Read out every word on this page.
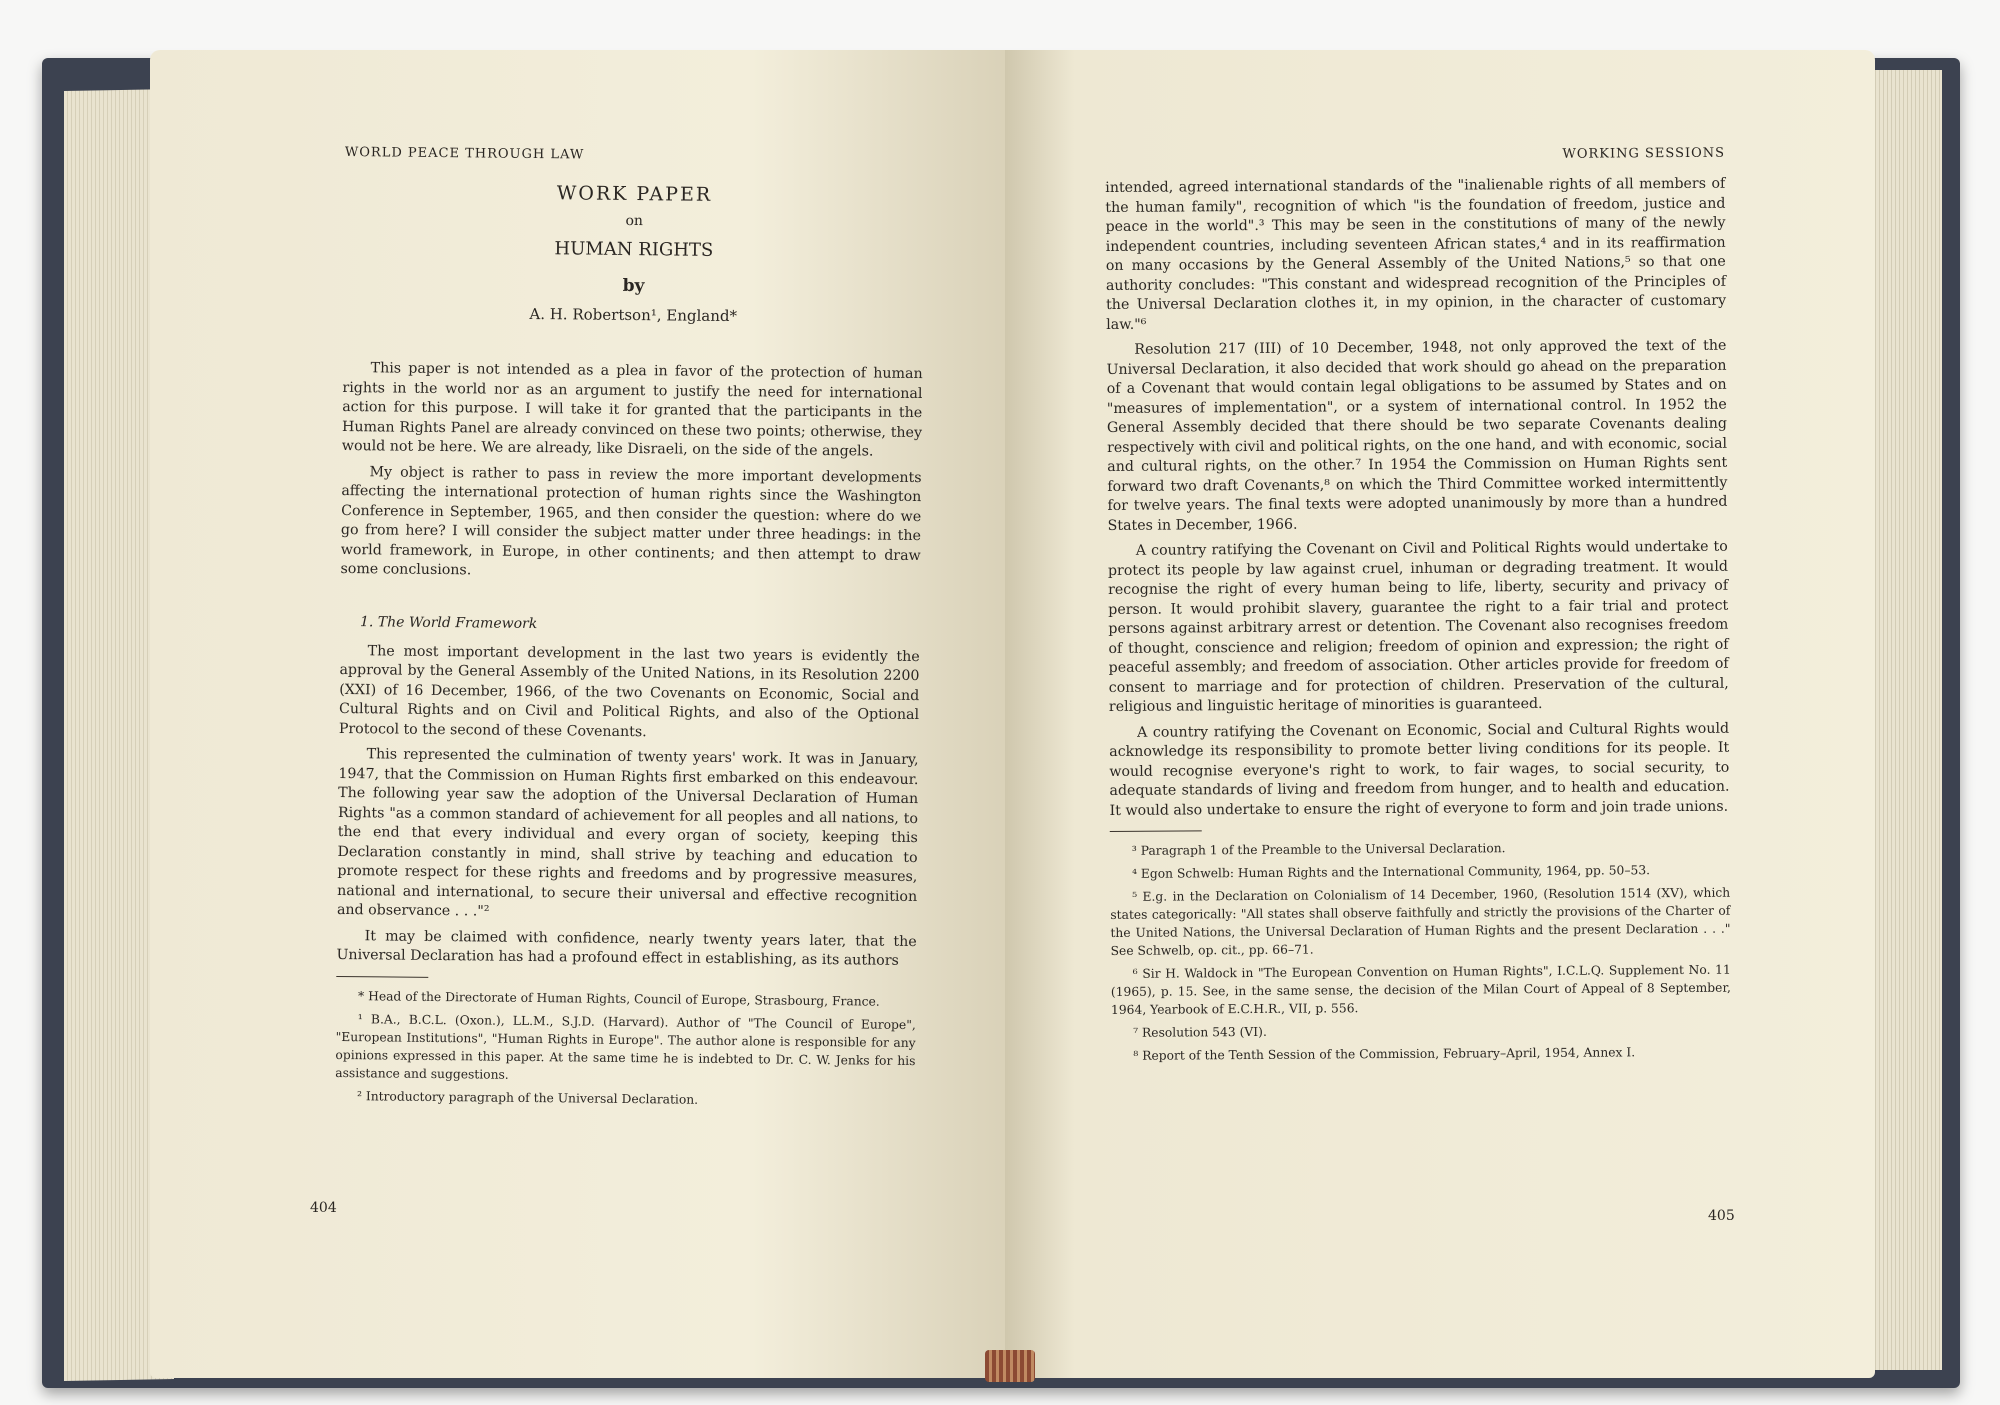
WORLD PEACE THROUGH LAW

WORK PAPER

on

HUMAN RIGHTS

by

A. H. Robertson¹, England*

This paper is not intended as a plea in favor of the protection of human rights in the world nor as an argument to justify the need for international action for this purpose. I will take it for granted that the participants in the Human Rights Panel are already convinced on these two points; otherwise, they would not be here. We are already, like Disraeli, on the side of the angels.

My object is rather to pass in review the more important developments affecting the international protection of human rights since the Washington Conference in September, 1965, and then consider the question: where do we go from here? I will consider the subject matter under three headings: in the world framework, in Europe, in other continents; and then attempt to draw some conclusions.

1. The World Framework

The most important development in the last two years is evidently the approval by the General Assembly of the United Nations, in its Resolution 2200 (XXI) of 16 December, 1966, of the two Covenants on Economic, Social and Cultural Rights and on Civil and Political Rights, and also of the Optional Protocol to the second of these Covenants.

This represented the culmination of twenty years' work. It was in January, 1947, that the Commission on Human Rights first embarked on this endeavour. The following year saw the adoption of the Universal Declaration of Human Rights "as a common standard of achievement for all peoples and all nations, to the end that every individual and every organ of society, keeping this Declaration constantly in mind, shall strive by teaching and education to promote respect for these rights and freedoms and by progressive measures, national and international, to secure their universal and effective recognition and observance . . ."²

It may be claimed with confidence, nearly twenty years later, that the Universal Declaration has had a profound effect in establishing, as its authors

* Head of the Directorate of Human Rights, Council of Europe, Strasbourg, France.

¹ B.A., B.C.L. (Oxon.), LL.M., S.J.D. (Harvard). Author of "The Council of Europe", "European Institutions", "Human Rights in Europe". The author alone is responsible for any opinions expressed in this paper. At the same time he is indebted to Dr. C. W. Jenks for his assistance and suggestions.

² Introductory paragraph of the Universal Declaration.

404

WORKING SESSIONS

intended, agreed international standards of the "inalienable rights of all members of the human family", recognition of which "is the foundation of freedom, justice and peace in the world".³ This may be seen in the constitutions of many of the newly independent countries, including seventeen African states,⁴ and in its reaffirmation on many occasions by the General Assembly of the United Nations,⁵ so that one authority concludes: "This constant and widespread recognition of the Principles of the Universal Declaration clothes it, in my opinion, in the character of customary law."⁶

Resolution 217 (III) of 10 December, 1948, not only approved the text of the Universal Declaration, it also decided that work should go ahead on the preparation of a Covenant that would contain legal obligations to be assumed by States and on "measures of implementation", or a system of international control. In 1952 the General Assembly decided that there should be two separate Covenants dealing respectively with civil and political rights, on the one hand, and with economic, social and cultural rights, on the other.⁷ In 1954 the Commission on Human Rights sent forward two draft Covenants,⁸ on which the Third Committee worked intermittently for twelve years. The final texts were adopted unanimously by more than a hundred States in December, 1966.

A country ratifying the Covenant on Civil and Political Rights would undertake to protect its people by law against cruel, inhuman or degrading treatment. It would recognise the right of every human being to life, liberty, security and privacy of person. It would prohibit slavery, guarantee the right to a fair trial and protect persons against arbitrary arrest or detention. The Covenant also recognises freedom of thought, conscience and religion; freedom of opinion and expression; the right of peaceful assembly; and freedom of association. Other articles provide for freedom of consent to marriage and for protection of children. Preservation of the cultural, religious and linguistic heritage of minorities is guaranteed.

A country ratifying the Covenant on Economic, Social and Cultural Rights would acknowledge its responsibility to promote better living conditions for its people. It would recognise everyone's right to work, to fair wages, to social security, to adequate standards of living and freedom from hunger, and to health and education. It would also undertake to ensure the right of everyone to form and join trade unions.

³ Paragraph 1 of the Preamble to the Universal Declaration.

⁴ Egon Schwelb: Human Rights and the International Community, 1964, pp. 50–53.

⁵ E.g. in the Declaration on Colonialism of 14 December, 1960, (Resolution 1514 (XV), which states categorically: "All states shall observe faithfully and strictly the provisions of the Charter of the United Nations, the Universal Declaration of Human Rights and the present Declaration . . ." See Schwelb, op. cit., pp. 66–71.

⁶ Sir H. Waldock in "The European Convention on Human Rights", I.C.L.Q. Supplement No. 11 (1965), p. 15. See, in the same sense, the decision of the Milan Court of Appeal of 8 September, 1964, Yearbook of E.C.H.R., VII, p. 556.

⁷ Resolution 543 (VI).

⁸ Report of the Tenth Session of the Commission, February–April, 1954, Annex I.

405
